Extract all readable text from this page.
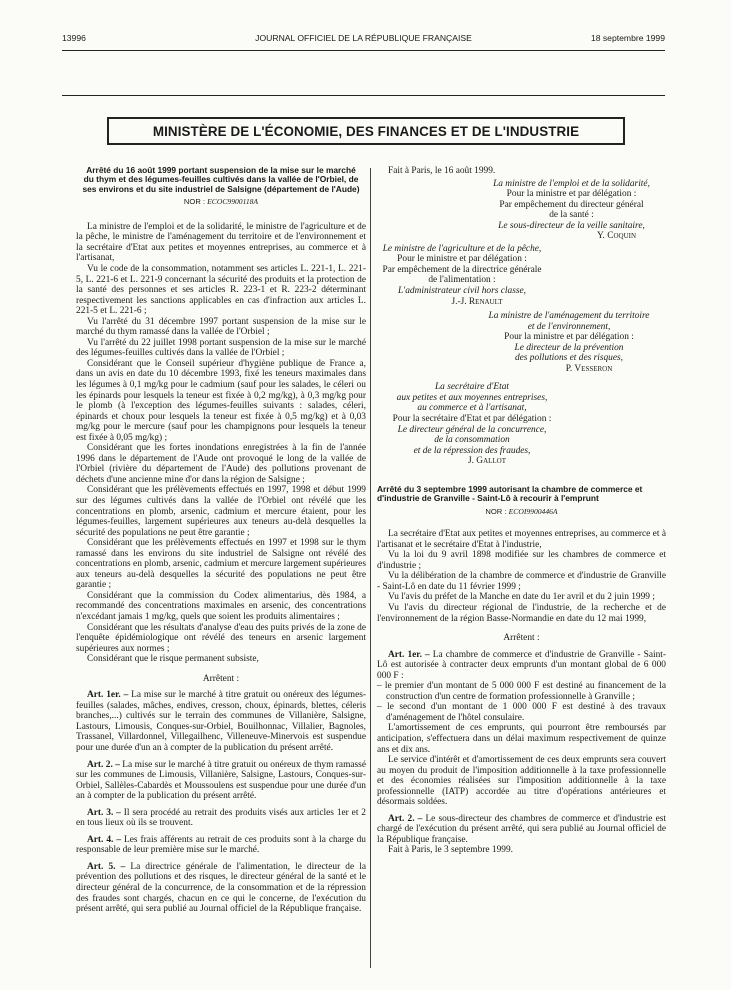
13996	JOURNAL OFFICIEL DE LA RÉPUBLIQUE FRANÇAISE	18 septembre 1999
MINISTÈRE DE L'ÉCONOMIE, DES FINANCES ET DE L'INDUSTRIE
Arrêté du 16 août 1999 portant suspension de la mise sur le marché du thym et des légumes-feuilles cultivés dans la vallée de l'Orbiel, de ses environs et du site industriel de Salsigne (département de l'Aude)
NOR : ECOC9900118A

La ministre de l'emploi et de la solidarité, le ministre de l'agriculture et de la pêche, le ministre de l'aménagement du territoire et de l'environnement et la secrétaire d'Etat aux petites et moyennes entreprises, au commerce et à l'artisanat,

Vu le code de la consommation, notamment ses articles L. 221-1, L. 221-5, L. 221-6 et L. 221-9 concernant la sécurité des produits et la protection de la santé des personnes et ses articles R. 223-1 et R. 223-2 déterminant respectivement les sanctions applicables en cas d'infraction aux articles L. 221-5 et L. 221-6 ;

Vu l'arrêté du 31 décembre 1997 portant suspension de la mise sur le marché du thym ramassé dans la vallée de l'Orbiel ;

Vu l'arrêté du 22 juillet 1998 portant suspension de la mise sur le marché des légumes-feuilles cultivés dans la vallée de l'Orbiel ;

Considérant que le Conseil supérieur d'hygiène publique de France a, dans un avis en date du 10 décembre 1993, fixé les teneurs maximales dans les légumes à 0,1 mg/kg pour le cadmium (sauf pour les salades, le céleri ou les épinards pour lesquels la teneur est fixée à 0,2 mg/kg), à 0,3 mg/kg pour le plomb (à l'exception des légumes-feuilles suivants : salades, céleri, épinards et choux pour lesquels la teneur est fixée à 0,5 mg/kg) et à 0,03 mg/kg pour le mercure (sauf pour les champignons pour lesquels la teneur est fixée à 0,05 mg/kg) ;

Considérant que les fortes inondations enregistrées à la fin de l'année 1996 dans le département de l'Aude ont provoqué le long de la vallée de l'Orbiel (rivière du département de l'Aude) des pollutions provenant de déchets d'une ancienne mine d'or dans la région de Salsigne ;

Considérant que les prélèvements effectués en 1997, 1998 et début 1999 sur des légumes cultivés dans la vallée de l'Orbiel ont révélé que les concentrations en plomb, arsenic, cadmium et mercure étaient, pour les légumes-feuilles, largement supérieures aux teneurs au-delà desquelles la sécurité des populations ne peut être garantie ;

Considérant que les prélèvements effectués en 1997 et 1998 sur le thym ramassé dans les environs du site industriel de Salsigne ont révélé des concentrations en plomb, arsenic, cadmium et mercure largement supérieures aux teneurs au-delà desquelles la sécurité des populations ne peut être garantie ;

Considérant que la commission du Codex alimentarius, dès 1984, a recommandé des concentrations maximales en arsenic, des concentrations n'excédant jamais 1 mg/kg, quels que soient les produits alimentaires ;

Considérant que les résultats d'analyse d'eau des puits privés de la zone de l'enquête épidémiologique ont révélé des teneurs en arsenic largement supérieures aux normes ;

Considérant que le risque permanent subsiste,

Arrêtent :

Art. 1er. – La mise sur le marché à titre gratuit ou onéreux des légumes-feuilles (salades, mâches, endives, cresson, choux, épinards, blettes, céleris branches,...) cultivés sur le terrain des communes de Villanière, Salsigne, Lastours, Limousis, Conques-sur-Orbiel, Bouilhonnac, Villalier, Bagnoles, Trassanel, Villardonnel, Villegailhenc, Villeneuve-Minervois est suspendue pour une durée d'un an à compter de la publication du présent arrêté.

Art. 2. – La mise sur le marché à titre gratuit ou onéreux de thym ramassé sur les communes de Limousis, Villanière, Salsigne, Lastours, Conques-sur-Orbiel, Sallèles-Cabardès et Moussoulens est suspendue pour une durée d'un an à compter de la publication du présent arrêté.

Art. 3. – Il sera procédé au retrait des produits visés aux articles 1er et 2 en tous lieux où ils se trouvent.

Art. 4. – Les frais afférents au retrait de ces produits sont à la charge du responsable de leur première mise sur le marché.

Art. 5. – La directrice générale de l'alimentation, le directeur de la prévention des pollutions et des risques, le directeur général de la santé et le directeur général de la concurrence, de la consommation et de la répression des fraudes sont chargés, chacun en ce qui le concerne, de l'exécution du présent arrêté, qui sera publié au Journal officiel de la République française.

Fait à Paris, le 16 août 1999.

La ministre de l'emploi et de la solidarité,
Pour la ministre et par délégation :
Par empêchement du directeur général
de la santé :
Le sous-directeur de la veille sanitaire,
Y. Coquin
Le ministre de l'agriculture et de la pêche,
Pour le ministre et par délégation :
Par empêchement de la directrice générale
de l'alimentation :
L'administrateur civil hors classe,
J.-J. Renault
La ministre de l'aménagement du territoire
et de l'environnement,
Pour la ministre et par délégation :
Le directeur de la prévention
des pollutions et des risques,
P. Vesseron
La secrétaire d'Etat
aux petites et aux moyennes entreprises,
au commerce et à l'artisanat,
Pour la secrétaire d'Etat et par délégation :
Le directeur général de la concurrence,
de la consommation
et de la répression des fraudes,
J. Gallot
Arrêté du 3 septembre 1999 autorisant la chambre de commerce et d'industrie de Granville - Saint-Lô à recourir à l'emprunt
NOR : ECOI9900446A

La secrétaire d'Etat aux petites et moyennes entreprises, au commerce et à l'artisanat et le secrétaire d'Etat à l'industrie,

Vu la loi du 9 avril 1898 modifiée sur les chambres de commerce et d'industrie ;

Vu la délibération de la chambre de commerce et d'industrie de Granville - Saint-Lô en date du 11 février 1999 ;

Vu l'avis du préfet de la Manche en date du 1er avril et du 2 juin 1999 ;

Vu l'avis du directeur régional de l'industrie, de la recherche et de l'environnement de la région Basse-Normandie en date du 12 mai 1999,

Arrêtent :

Art. 1er. – La chambre de commerce et d'industrie de Granville - Saint-Lô est autorisée à contracter deux emprunts d'un montant global de 6 000 000 F :

– le premier d'un montant de 5 000 000 F est destiné au financement de la construction d'un centre de formation professionnelle à Granville ;

– le second d'un montant de 1 000 000 F est destiné à des travaux d'aménagement de l'hôtel consulaire.

L'amortissement de ces emprunts, qui pourront être remboursés par anticipation, s'effectuera dans un délai maximum respectivement de quinze ans et dix ans.

Le service d'intérêt et d'amortissement de ces deux emprunts sera couvert au moyen du produit de l'imposition additionnelle à la taxe professionnelle et des économies réalisées sur l'imposition additionnelle à la taxe professionnelle (IATP) accordée au titre d'opérations antérieures et désormais soldées.

Art. 2. – Le sous-directeur des chambres de commerce et d'industrie est chargé de l'exécution du présent arrêté, qui sera publié au Journal officiel de la République française.

Fait à Paris, le 3 septembre 1999.
